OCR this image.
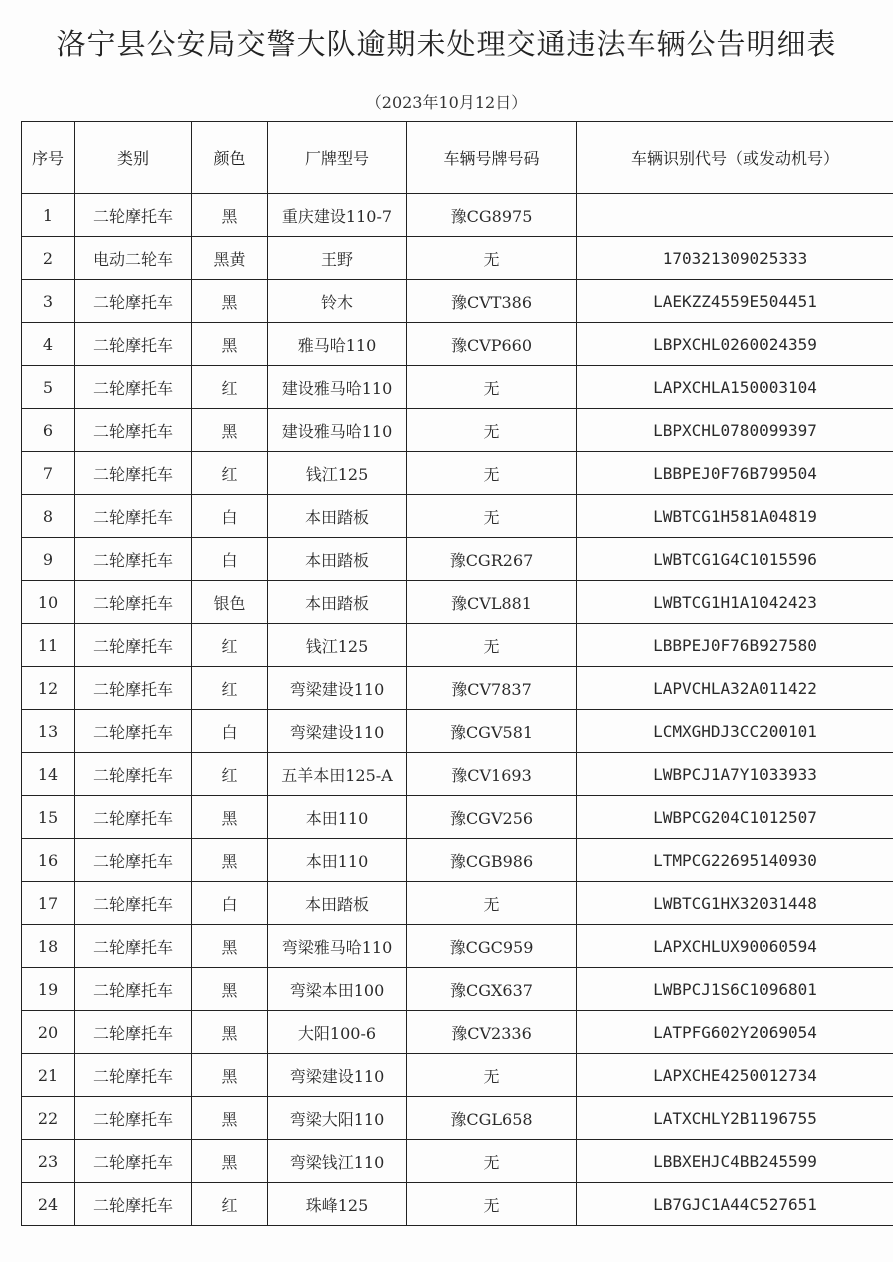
洛宁县公安局交警大队逾期未处理交通违法车辆公告明细表
（2023年10月12日）
序号	类别	颜色	厂牌型号	车辆号牌号码	车辆识别代号（或发动机号）
1	二轮摩托车	黑	重庆建设110-7	豫CG8975	
2	电动二轮车	黑黄	王野	无	170321309025333
3	二轮摩托车	黑	铃木	豫CVT386	LAEKZZ4559E504451
4	二轮摩托车	黑	雅马哈110	豫CVP660	LBPXCHL0260024359
5	二轮摩托车	红	建设雅马哈110	无	LAPXCHLA150003104
6	二轮摩托车	黑	建设雅马哈110	无	LBPXCHL0780099397
7	二轮摩托车	红	钱江125	无	LBBPEJ0F76B799504
8	二轮摩托车	白	本田踏板	无	LWBTCG1H581A04819
9	二轮摩托车	白	本田踏板	豫CGR267	LWBTCG1G4C1015596
10	二轮摩托车	银色	本田踏板	豫CVL881	LWBTCG1H1A1042423
11	二轮摩托车	红	钱江125	无	LBBPEJ0F76B927580
12	二轮摩托车	红	弯梁建设110	豫CV7837	LAPVCHLA32A011422
13	二轮摩托车	白	弯梁建设110	豫CGV581	LCMXGHDJ3CC200101
14	二轮摩托车	红	五羊本田125-A	豫CV1693	LWBPCJ1A7Y1033933
15	二轮摩托车	黑	本田110	豫CGV256	LWBPCG204C1012507
16	二轮摩托车	黑	本田110	豫CGB986	LTMPCG22695140930
17	二轮摩托车	白	本田踏板	无	LWBTCG1HX32031448
18	二轮摩托车	黑	弯梁雅马哈110	豫CGC959	LAPXCHLUX90060594
19	二轮摩托车	黑	弯梁本田100	豫CGX637	LWBPCJ1S6C1096801
20	二轮摩托车	黑	大阳100-6	豫CV2336	LATPFG602Y2069054
21	二轮摩托车	黑	弯梁建设110	无	LAPXCHE4250012734
22	二轮摩托车	黑	弯梁大阳110	豫CGL658	LATXCHLY2B1196755
23	二轮摩托车	黑	弯梁钱江110	无	LBBXEHJC4BB245599
24	二轮摩托车	红	珠峰125	无	LB7GJC1A44C527651
